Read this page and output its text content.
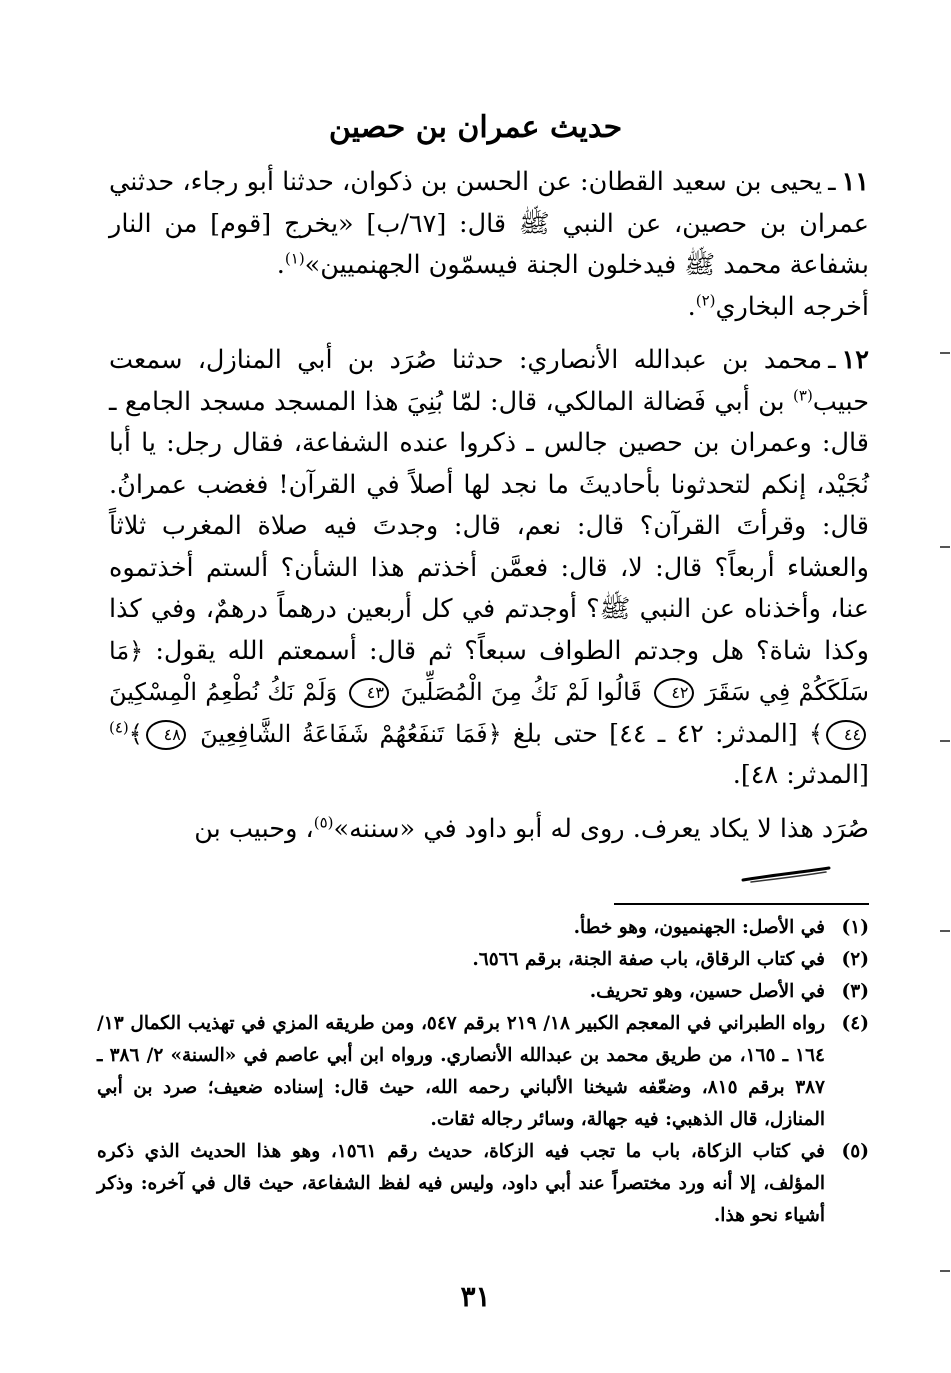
حديث عمران بن حصين

١١ـيحيى بن سعيد القطان: عن الحسن بن ذكوان، حدثنا أبو رجاء، حدثني عمران بن حصين، عن النبي ﷺ قال: [٦٧/ب] «يخرج [قوم] من النار بشفاعة محمد ﷺ فيدخلون الجنة فيسمّون الجهنميين»$^{(١)}$.

أخرجه البخاري$^{(٢)}$.

١٢ـمحمد بن عبدالله الأنصاري: حدثنا صُرَد بن أبي المنازل، سمعت حبيب$^{(٣)}$ بن أبي فَضالة المالكي، قال: لمّا بُنِيَ هذا المسجد مسجد الجامع ـ قال: وعمران بن حصين جالس ـ ذكروا عنده الشفاعة، فقال رجل: يا أبا نُجَيْد، إنكم لتحدثونا بأحاديثَ ما نجد لها أصلاً في القرآن! فغضب عمرانُ. قال: وقرأتَ القرآن؟ قال: نعم، قال: وجدتَ فيه صلاة المغرب ثلاثاً والعشاء أربعاً؟ قال: لا، قال: فعمَّن أخذتم هذا الشأن؟ ألستم أخذتموه عنا، وأخذناه عن النبي ﷺ؟ أوجدتم في كل أربعين درهماً درهمٌ، وفي كذا وكذا شاة؟ هل وجدتم الطواف سبعاً؟ ثم قال: أسمعتم الله يقول: ﴿مَا سَلَكَكُمْ فِي سَقَرَ ٤٢ قَالُوا لَمْ نَكُ مِنَ الْمُصَلِّينَ ٤٣ وَلَمْ نَكُ نُطْعِمُ الْمِسْكِينَ ٤٤﴾ [المدثر: ٤٢ ـ ٤٤] حتى بلغ ﴿فَمَا تَنفَعُهُمْ شَفَاعَةُ الشَّافِعِينَ ٤٨﴾$^{(٤)}$ [المدثر: ٤٨].

صُرَد هذا لا يكاد يعرف. روى له أبو داود في «سننه»$^{(٥)}$، وحبيب بن

(١)
في الأصل: الجهنميون، وهو خطأ.
(٢)
في كتاب الرقاق، باب صفة الجنة، برقم ٦٥٦٦.
(٣)
في الأصل حسين، وهو تحريف.
(٤)
رواه الطبراني في المعجم الكبير ١٨/ ٢١٩ برقم ٥٤٧، ومن طريقه المزي في تهذيب الكمال ١٣/ ١٦٤ ـ ١٦٥، من طريق محمد بن عبدالله الأنصاري. ورواه ابن أبي عاصم في «السنة» ٢/ ٣٨٦ ـ ٣٨٧ برقم ٨١٥، وضعّفه شيخنا الألباني رحمه الله، حيث قال: إسناده ضعيف؛ صرد بن أبي المنازل، قال الذهبي: فيه جهالة، وسائر رجاله ثقات.
(٥)
في كتاب الزكاة، باب ما تجب فيه الزكاة، حديث رقم ١٥٦١، وهو هذا الحديث الذي ذكره المؤلف، إلا أنه ورد مختصراً عند أبي داود، وليس فيه لفظ الشفاعة، حيث قال في آخره: وذكر أشياء نحو هذا.
٣١
